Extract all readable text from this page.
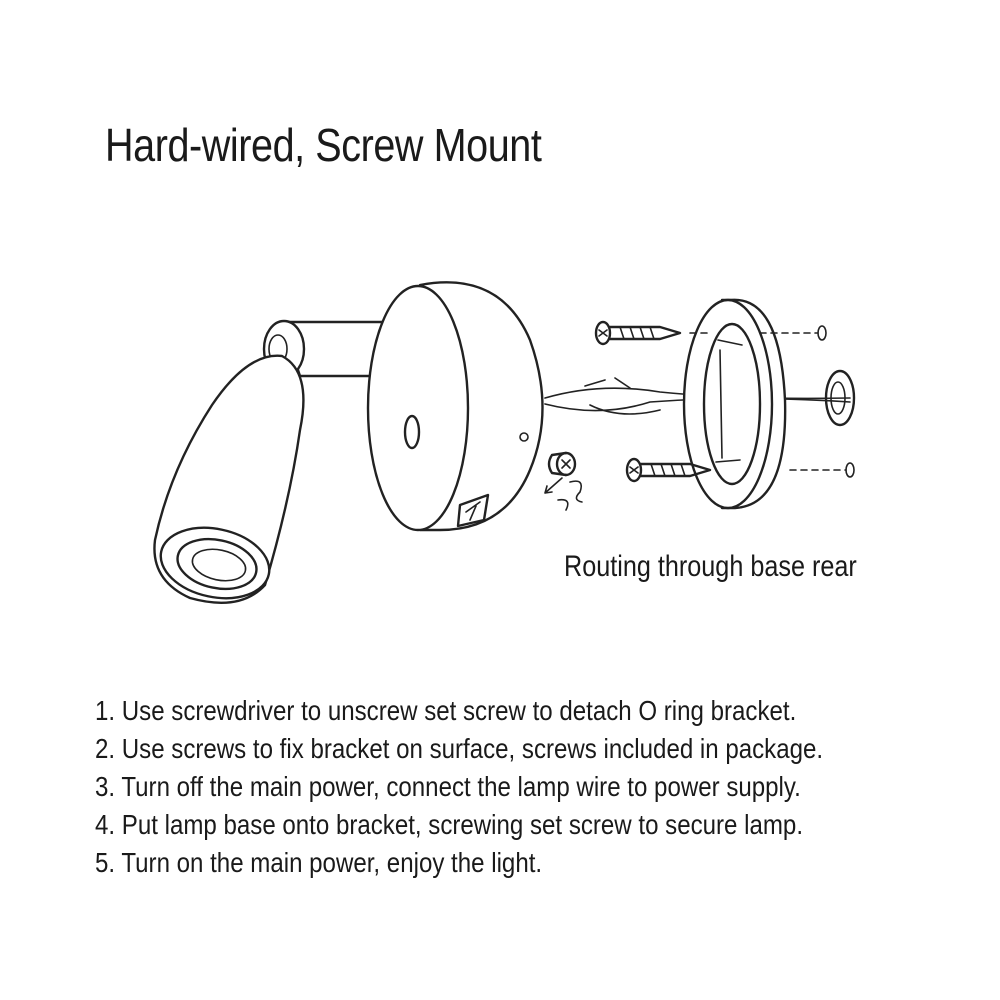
Hard-wired, Screw Mount
Routing through base rear
1. Use screwdriver to unscrew set screw to detach O ring bracket.
2. Use screws to fix bracket on surface, screws included in package.
3. Turn off the main power, connect the lamp wire to power supply.
4. Put lamp base onto bracket, screwing set screw to secure lamp.
5. Turn on the main power, enjoy the light.
